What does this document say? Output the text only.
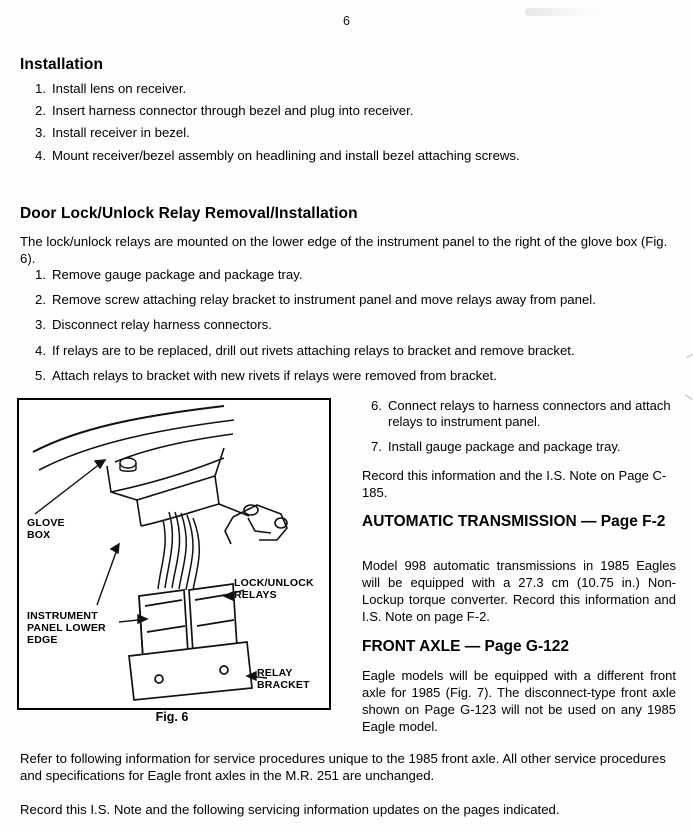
6
Installation
1. Install lens on receiver.
2. Insert harness connector through bezel and plug into receiver.
3. Install receiver in bezel.
4. Mount receiver/bezel assembly on headlining and install bezel attaching screws.
Door Lock/Unlock Relay Removal/Installation

The lock/unlock relays are mounted on the lower edge of the instrument panel to the right of the glove box (Fig. 6).

1. Remove gauge package and package tray.
2. Remove screw attaching relay bracket to instrument panel and move relays away from panel.
3. Disconnect relay harness connectors.
4. If relays are to be replaced, drill out rivets attaching relays to bracket and remove bracket.
5. Attach relays to bracket with new rivets if relays were removed from bracket.
GLOVE
BOX
INSTRUMENT
PANEL LOWER
EDGE
LOCK/UNLOCK
RELAYS
RELAY
BRACKET
Fig. 6
6. Connect relays to harness connectors and attach relays to instrument panel.
7. Install gauge package and package tray.

Record this information and the I.S. Note on Page C-185.

AUTOMATIC TRANSMISSION — Page F-2

Model 998 automatic transmissions in 1985 Eagles will be equipped with a 27.3 cm (10.75 in.) Non-Lockup torque converter. Record this information and I.S. Note on page F-2.

FRONT AXLE — Page G-122

Eagle models will be equipped with a different front axle for 1985 (Fig. 7). The disconnect-type front axle shown on Page G-123 will not be used on any 1985 Eagle model.

Refer to following information for service procedures unique to the 1985 front axle. All other service procedures and specifications for Eagle front axles in the M.R. 251 are unchanged.

Record this I.S. Note and the following servicing information updates on the pages indicated.
